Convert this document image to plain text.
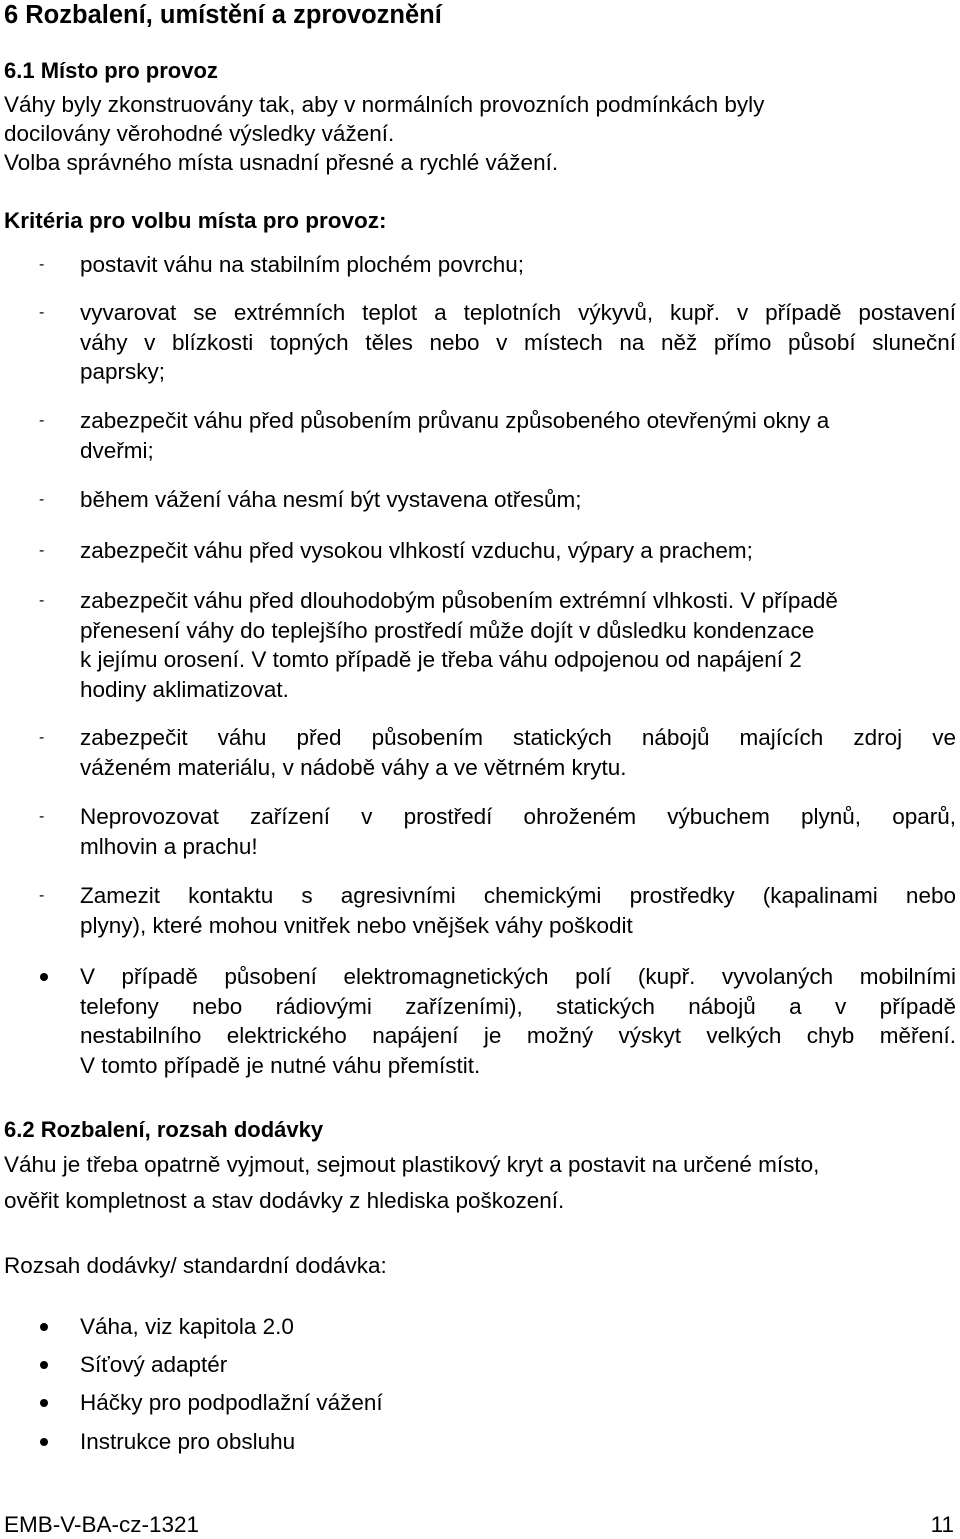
6 Rozbalení, umístění a zprovoznění
6.1 Místo pro provoz
Váhy byly zkonstruovány tak, aby v normálních provozních podmínkách byly
docilovány věrohodné výsledky vážení.
Volba správného místa usnadní přesné a rychlé vážení.
Kritéria pro volbu místa pro provoz:
- postavit váhu na stabilním plochém povrchu;
- vyvarovat se extrémních teplot a teplotních výkyvů, kupř. v případě postavení
váhy v blízkosti topných těles nebo v místech na něž přímo působí sluneční
paprsky;
- zabezpečit váhu před působením průvanu způsobeného otevřenými okny a
dveřmi;
- během vážení váha nesmí být vystavena otřesům;
- zabezpečit váhu před vysokou vlhkostí vzduchu, výpary a prachem;
- zabezpečit váhu před dlouhodobým působením extrémní vlhkosti. V případě
přenesení váhy do teplejšího prostředí může dojít v důsledku kondenzace
k jejímu orosení. V tomto případě je třeba váhu odpojenou od napájení 2
hodiny aklimatizovat.
- zabezpečit váhu před působením statických nábojů majících zdroj ve
váženém materiálu, v nádobě váhy a ve větrném krytu.
- Neprovozovat zařízení v prostředí ohroženém výbuchem plynů, oparů,
mlhovin a prachu!
- Zamezit kontaktu s agresivními chemickými prostředky (kapalinami nebo
plyny), které mohou vnitřek nebo vnějšek váhy poškodit
V případě působení elektromagnetických polí (kupř. vyvolaných mobilními
telefony nebo rádiovými zařízeními), statických nábojů a v případě
nestabilního elektrického napájení je možný výskyt velkých chyb měření.
V tomto případě je nutné váhu přemístit.
6.2 Rozbalení, rozsah dodávky
Váhu je třeba opatrně vyjmout, sejmout plastikový kryt a postavit na určené místo,
ověřit kompletnost a stav dodávky z hlediska poškození.
Rozsah dodávky/ standardní dodávka:
Váha, viz kapitola 2.0
Síťový adaptér
Háčky pro podpodlažní vážení
Instrukce pro obsluhu
EMB-V-BA-cz-1321	11
